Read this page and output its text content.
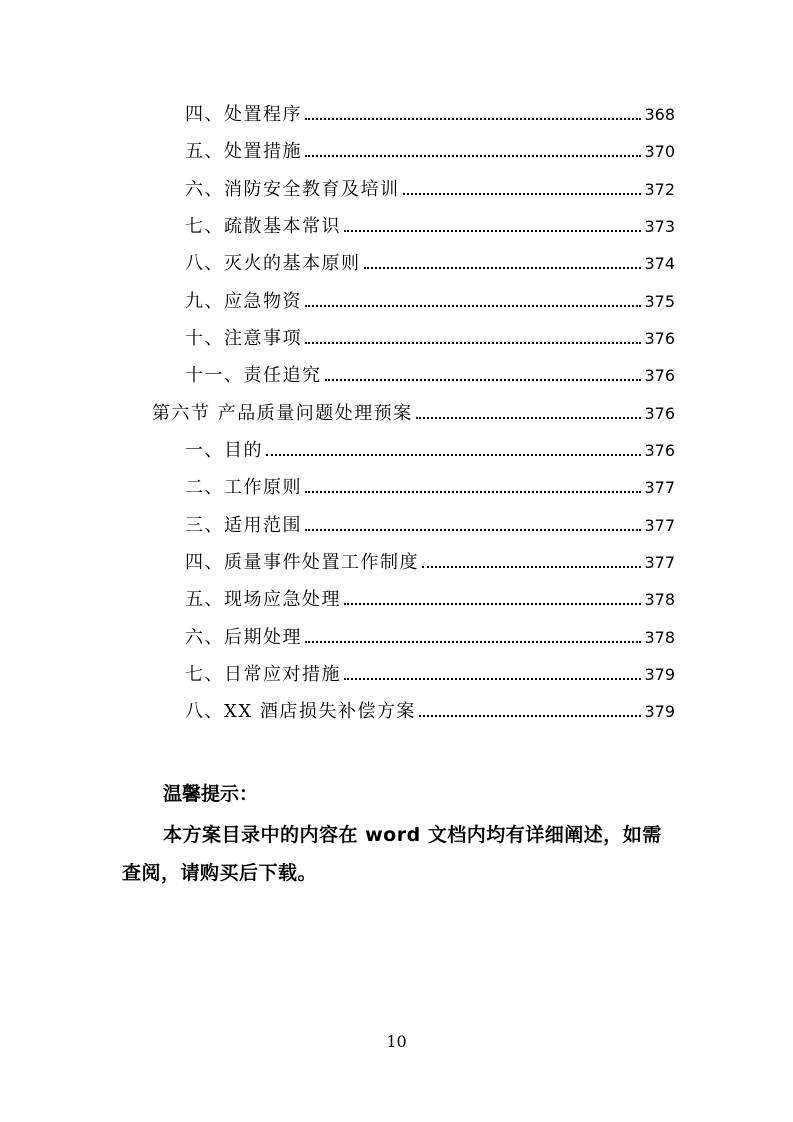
四、处置程序	368
五、处置措施	370
六、消防安全教育及培训	372
七、疏散基本常识	373
八、灭火的基本原则	374
九、应急物资	375
十、注意事项	376
十一、责任追究	376
第六节 产品质量问题处理预案	376
一、目的	376
二、工作原则	377
三、适用范围	377
四、质量事件处置工作制度	377
五、现场应急处理	378
六、后期处理	378
七、日常应对措施	379
八、XX 酒店损失补偿方案	379
温馨提示：
本方案目录中的内容在 word 文档内均有详细阐述，如需查阅，请购买后下载。
10
